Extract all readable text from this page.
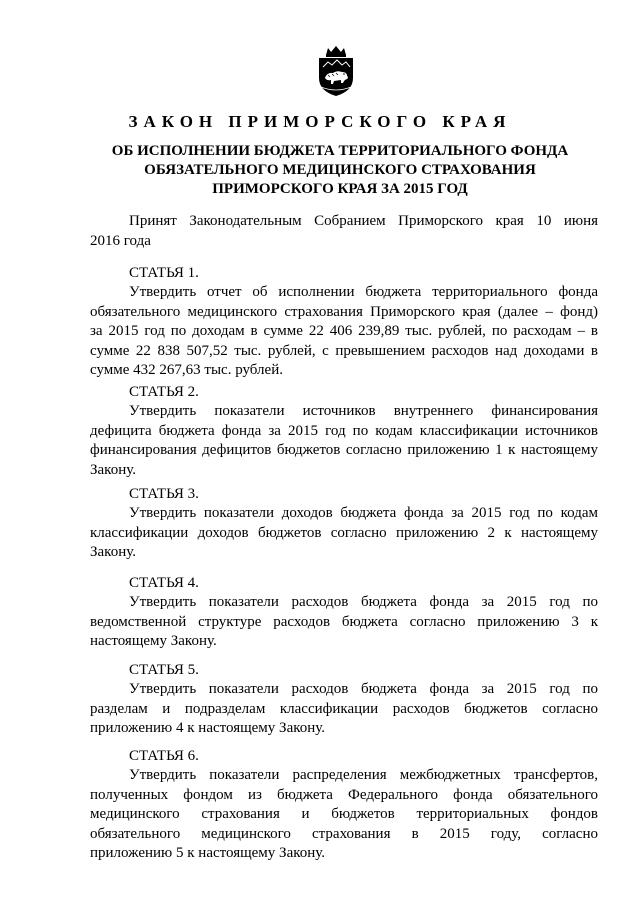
ЗАКОН ПРИМОРСКОГО КРАЯ
ОБ ИСПОЛНЕНИИ БЮДЖЕТА ТЕРРИТОРИАЛЬНОГО ФОНДА
ОБЯЗАТЕЛЬНОГО МЕДИЦИНСКОГО СТРАХОВАНИЯ
ПРИМОРСКОГО КРАЯ ЗА 2015 ГОД
Принят Законодательным Собранием Приморского края 10 июня
2016 года
СТАТЬЯ 1.
Утвердить отчет об исполнении бюджета территориального фонда
обязательного медицинского страхования Приморского края (далее – фонд)
за 2015 год по доходам в сумме 22 406 239,89 тыс. рублей, по расходам – в
сумме 22 838 507,52 тыс. рублей, с превышением расходов над доходами в
сумме 432 267,63 тыс. рублей.
СТАТЬЯ 2.
Утвердить показатели источников внутреннего финансирования
дефицита бюджета фонда за 2015 год по кодам классификации источников
финансирования дефицитов бюджетов согласно приложению 1 к настоящему
Закону.
СТАТЬЯ 3.
Утвердить показатели доходов бюджета фонда за 2015 год по кодам
классификации доходов бюджетов согласно приложению 2 к настоящему
Закону.
СТАТЬЯ 4.
Утвердить показатели расходов бюджета фонда за 2015 год по
ведомственной структуре расходов бюджета согласно приложению 3 к
настоящему Закону.
СТАТЬЯ 5.
Утвердить показатели расходов бюджета фонда за 2015 год по
разделам и подразделам классификации расходов бюджетов согласно
приложению 4 к настоящему Закону.
СТАТЬЯ 6.
Утвердить показатели распределения межбюджетных трансфертов,
полученных фондом из бюджета Федерального фонда обязательного
медицинского страхования и бюджетов территориальных фондов
обязательного медицинского страхования в 2015 году, согласно
приложению 5 к настоящему Закону.
